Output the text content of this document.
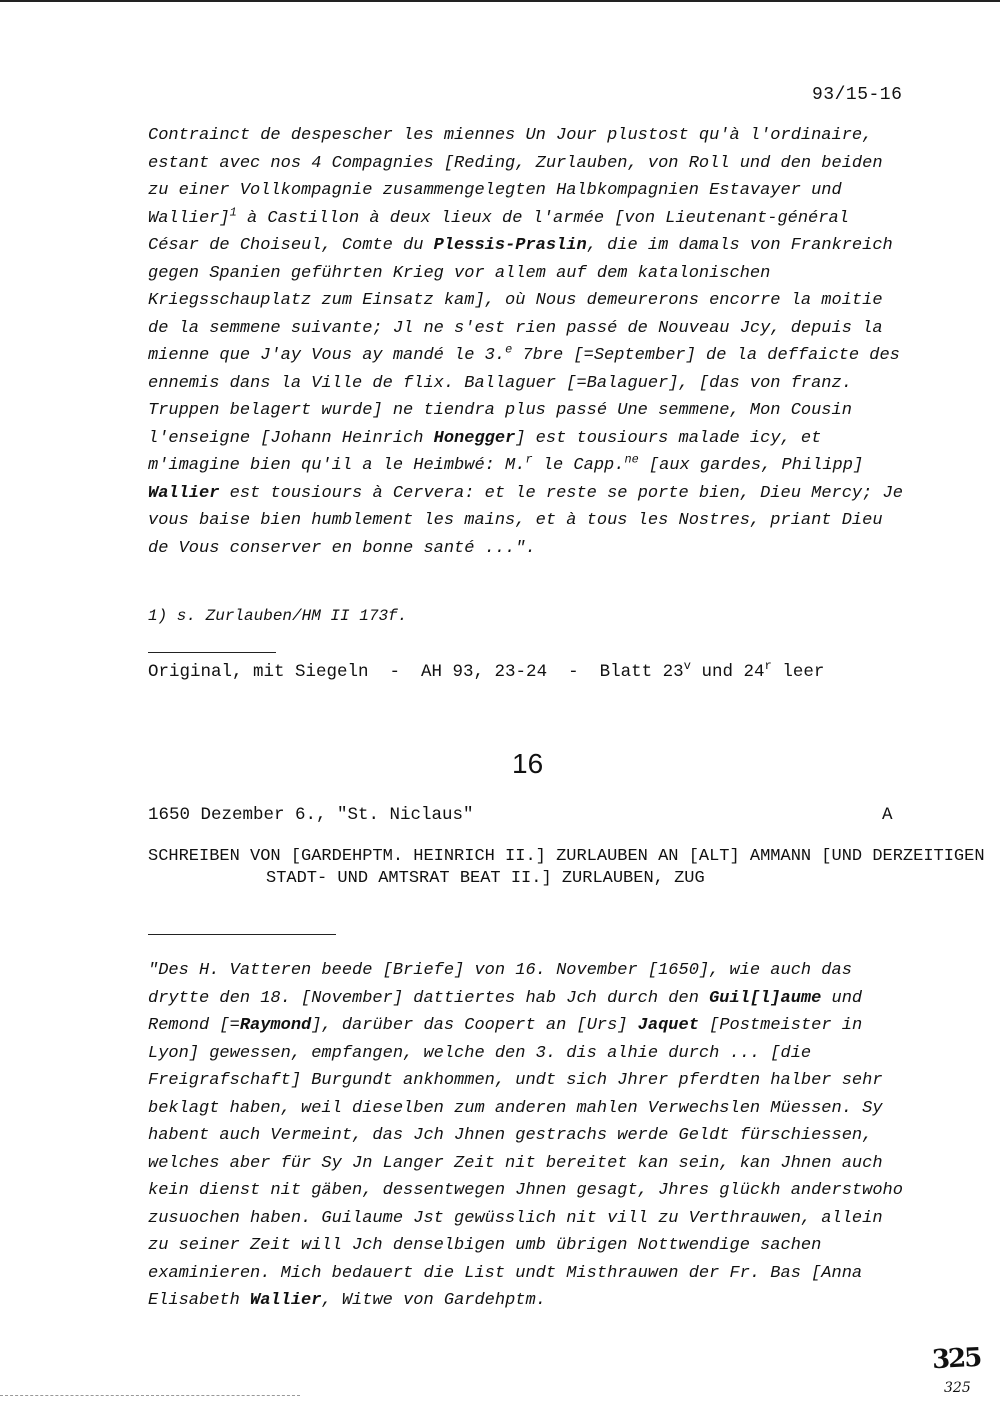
93/15-16

Contrainct de despescher les miennes Un Jour plustost qu'à l'ordinaire, estant avec nos 4 Compagnies [Reding, Zurlauben, von Roll und den beiden zu einer Vollkompagnie zusammengelegten Halbkompagnien Estavayer und Wallier]$^1$ à Castillon à deux lieux de l'armée [von Lieutenant-général César de Choiseul, Comte du Plessis-Praslin, die im damals von Frankreich gegen Spanien geführten Krieg vor allem auf dem katalonischen Kriegsschauplatz zum Einsatz kam], où Nous demeurerons encorre la moitie de la semmene suivante; Jl ne s'est rien passé de Nouveau Jcy, depuis la mienne que J'ay Vous ay mandé le 3.$^e$ 7bre [=September] de la deffaicte des ennemis dans la Ville de flix. Ballaguer [=Balaguer], [das von franz. Truppen belagert wurde] ne tiendra plus passé Une semmene, Mon Cousin l'enseigne [Johann Heinrich Honegger] est tousiours malade icy, et m'imagine bien qu'il a le Heimbwé: M.$^r$ le Capp.$^{ne}$ [aux gardes, Philipp] Wallier est tousiours à Cervera: et le reste se porte bien, Dieu Mercy; Je vous baise bien humblement les mains, et à tous les Nostres, priant Dieu de Vous conserver en bonne santé ...".

1) s. Zurlauben/HM II 173f.
Original, mit Siegeln  -  AH 93, 23-24  -  Blatt 23$^v$ und 24$^r$ leer
16
1650 Dezember 6., "St. Niclaus"	A

SCHREIBEN VON [GARDEHPTM. HEINRICH II.] ZURLAUBEN AN [ALT] AMMANN [UND DERZEITIGEN STADT- UND AMTSRAT BEAT II.] ZURLAUBEN, ZUG

"Des H. Vatteren beede [Briefe] von 16. November [1650], wie auch das drytte den 18. [November] dattiertes hab Jch durch den Guil[l]aume und Remond [=Raymond], darüber das Coopert an [Urs] Jaquet [Postmeister in Lyon] gewessen, empfangen, welche den 3. dis alhie durch ... [die Freigrafschaft] Burgundt ankhommen, undt sich Jhrer pferdten halber sehr beklagt haben, weil dieselben zum anderen mahlen Verwechslen Müessen. Sy habent auch Vermeint, das Jch Jhnen gestrachs werde Geldt fürschiessen, welches aber für Sy Jn Langer Zeit nit bereitet kan sein, kan Jhnen auch kein dienst nit gäben, dessentwegen Jhnen gesagt, Jhres glückh anderstwoho zusuochen haben. Guilaume Jst gewüsslich nit vill zu Verthrauwen, allein zu seiner Zeit will Jch denselbigen umb übrigen Nottwendige sachen examinieren. Mich bedauert die List undt Misthrauwen der Fr. Bas [Anna Elisabeth Wallier, Witwe von Gardehptm.

325
325
